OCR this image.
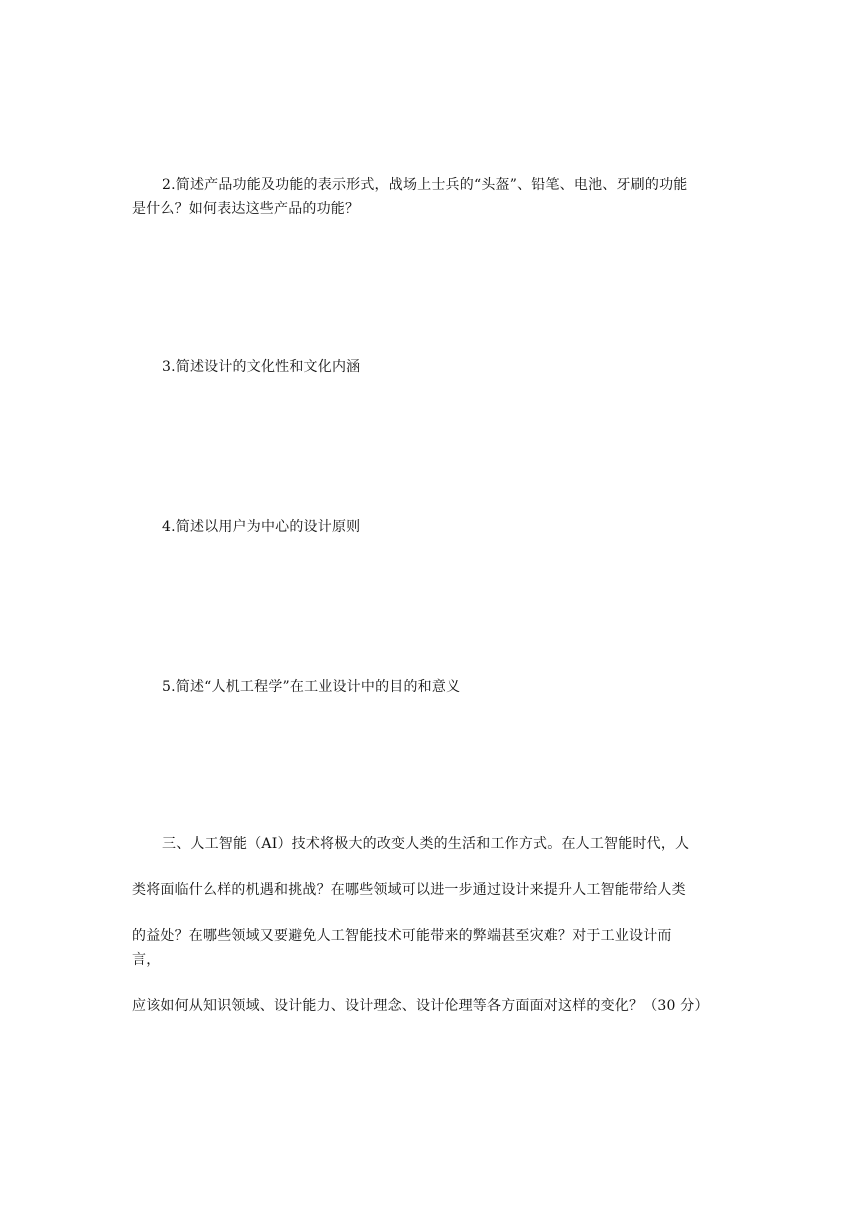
2.简述产品功能及功能的表示形式，战场上士兵的“头盔”、铅笔、电池、牙刷的功能
是什么？如何表达这些产品的功能？
3.简述设计的文化性和文化内涵
4.简述以用户为中心的设计原则
5.简述“人机工程学”在工业设计中的目的和意义
三、人工智能（AI）技术将极大的改变人类的生活和工作方式。在人工智能时代，人
类将面临什么样的机遇和挑战？在哪些领域可以进一步通过设计来提升人工智能带给人类
的益处？在哪些领域又要避免人工智能技术可能带来的弊端甚至灾难？对于工业设计而
言，
应该如何从知识领域、设计能力、设计理念、设计伦理等各方面面对这样的变化？（30 分）
